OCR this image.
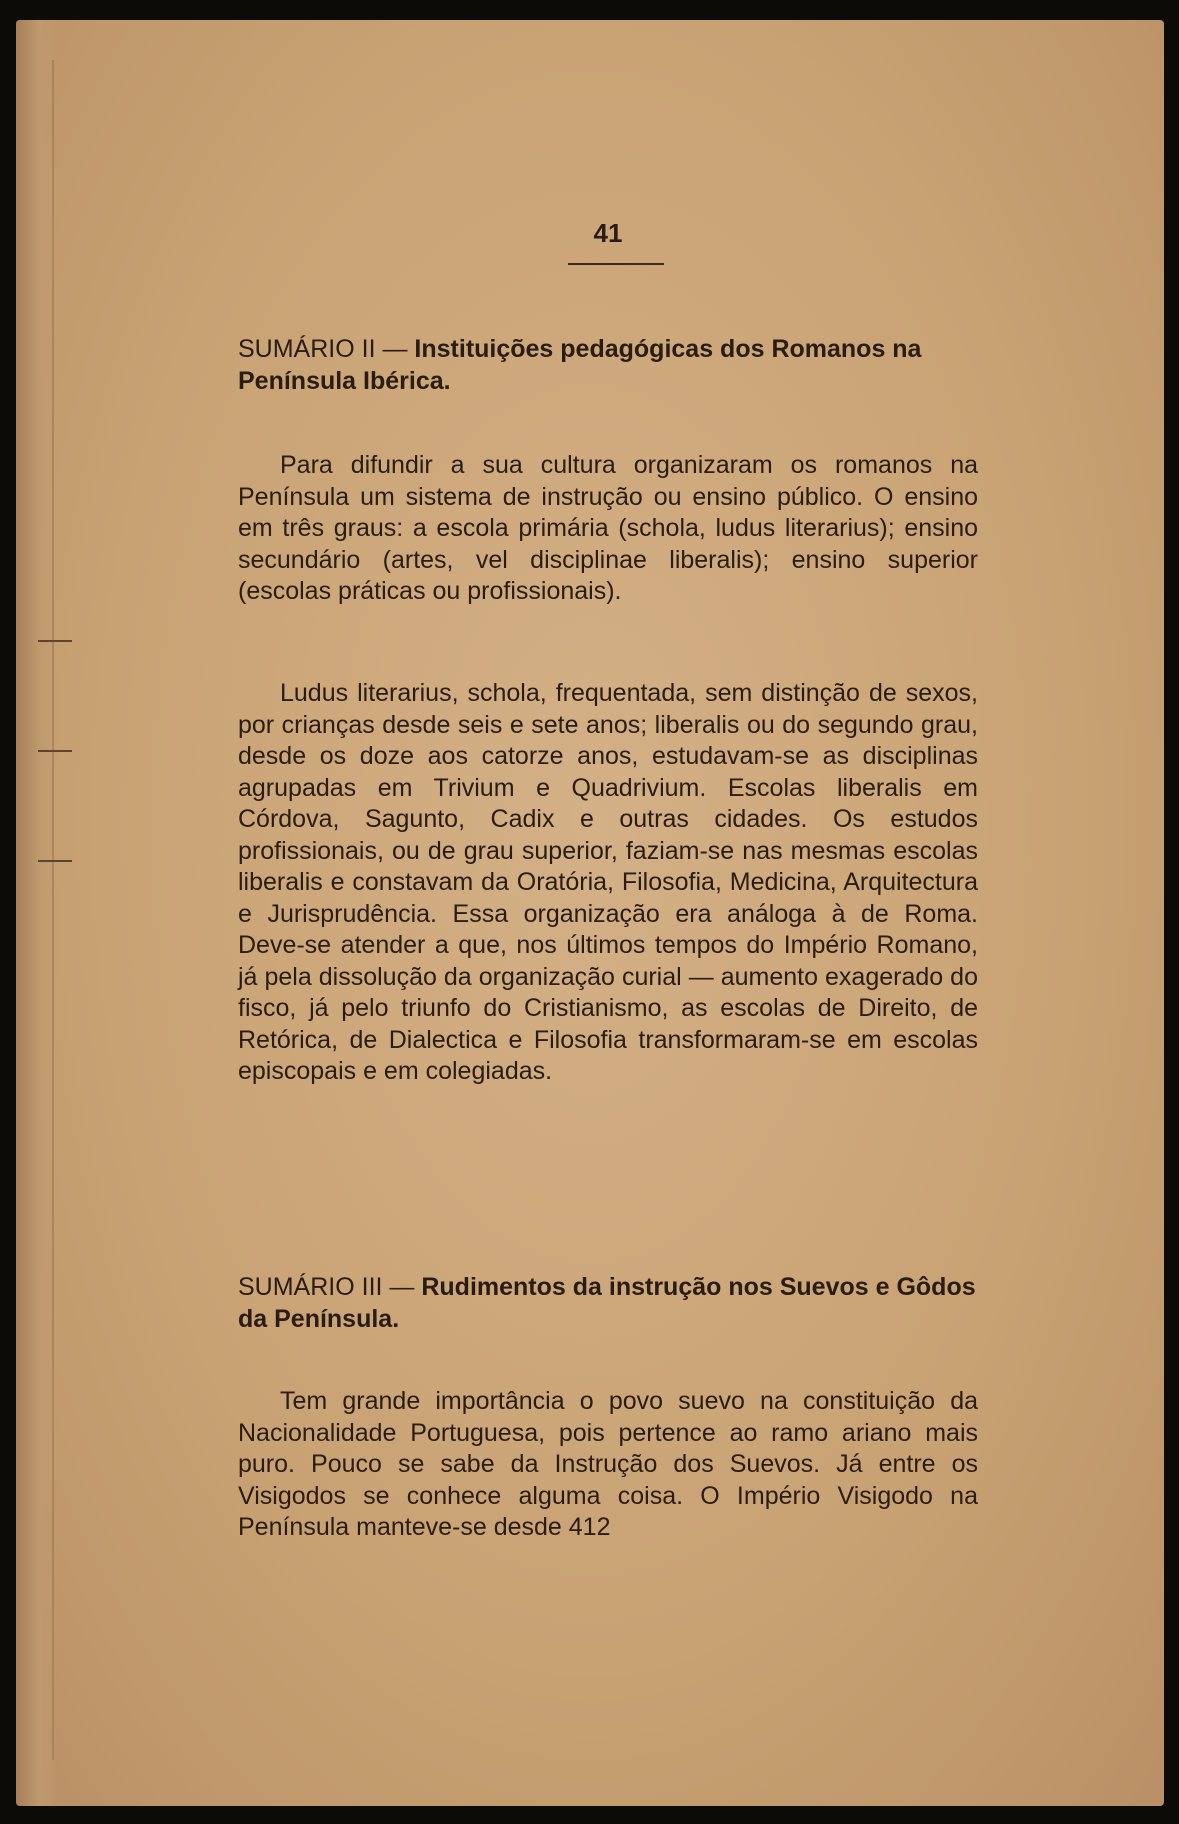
41
SUMÁRIO II — Instituições pedagógicas dos Romanos na Península Ibérica.
Para difundir a sua cultura organizaram os romanos na Península um sistema de instrução ou ensino público. O ensino em três graus: a escola primária (schola, ludus literarius); ensino secundário (artes, vel disciplinae liberalis); ensino superior (escolas práticas ou profissionais).
Ludus literarius, schola, frequentada, sem distinção de sexos, por crianças desde seis e sete anos; liberalis ou do segundo grau, desde os doze aos catorze anos, estudavam-se as disciplinas agrupadas em Trivium e Quadrivium. Escolas liberalis em Córdova, Sagunto, Cadix e outras cidades. Os estudos profissionais, ou de grau superior, faziam-se nas mesmas escolas liberalis e constavam da Oratória, Filosofia, Medicina, Arquitectura e Jurisprudência. Essa organização era análoga à de Roma. Deve-se atender a que, nos últimos tempos do Império Romano, já pela dissolução da organização curial — aumento exagerado do fisco, já pelo triunfo do Cristianismo, as escolas de Direito, de Retórica, de Dialectica e Filosofia transformaram-se em escolas episcopais e em colegiadas.
SUMÁRIO III — Rudimentos da instrução nos Suevos e Gôdos da Península.
Tem grande importância o povo suevo na constituição da Nacionalidade Portuguesa, pois pertence ao ramo ariano mais puro. Pouco se sabe da Instrução dos Suevos. Já entre os Visigodos se conhece alguma coisa. O Império Visigodo na Península manteve-se desde 412
